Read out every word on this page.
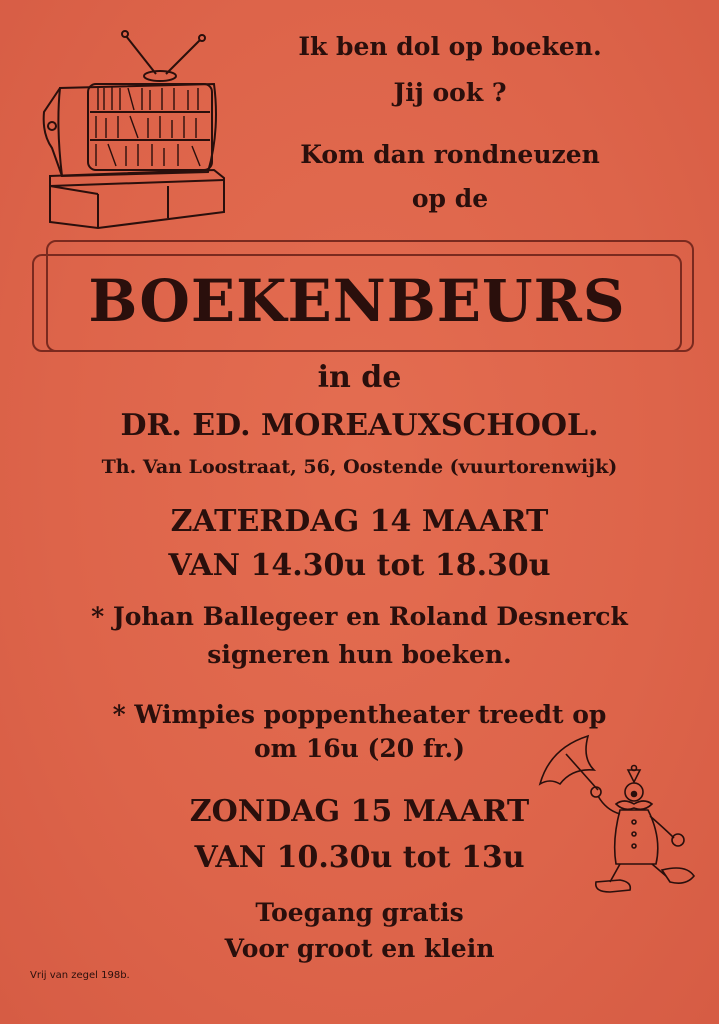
Ik ben dol op boeken.
Jij ook ?
Kom dan rondneuzen
op de
BOEKENBEURS
in de
DR. ED. MOREAUXSCHOOL.
Th. Van Loostraat, 56, Oostende (vuurtorenwijk)
ZATERDAG 14 MAART
VAN 14.30u tot 18.30u
* Johan Ballegeer en Roland Desnerck
signeren hun boeken.
* Wimpies poppentheater treedt op
om 16u (20 fr.)
ZONDAG 15 MAART
VAN 10.30u tot 13u
Toegang gratis
Voor groot en klein
Vrij van zegel 198b.
